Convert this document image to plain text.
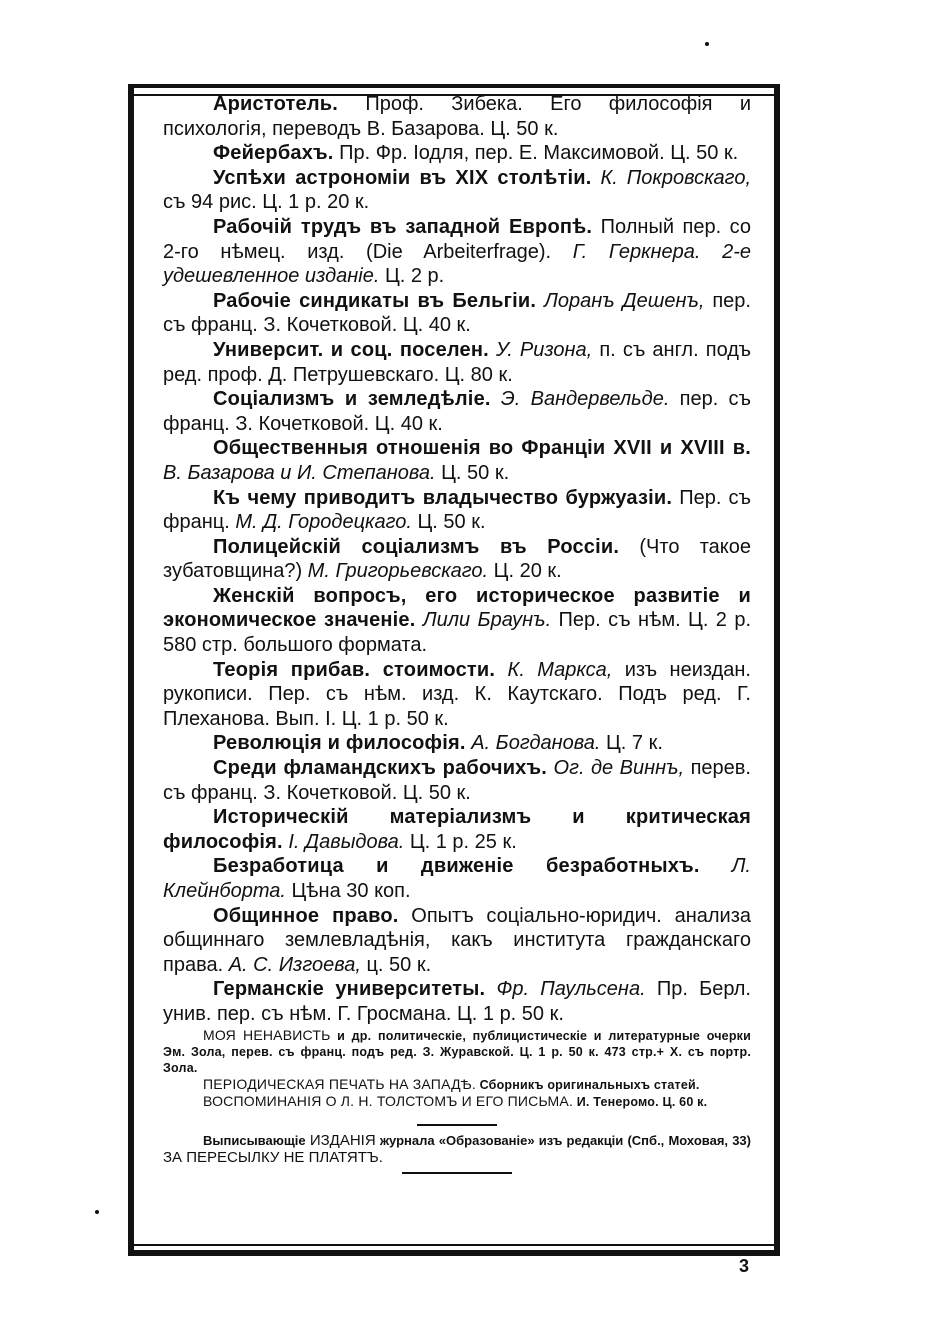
Аристотель. Проф. Зибека. Его философія и психологія, переводъ В. Базарова. Ц. 50 к.
Фейербахъ. Пр. Фр. Іодля, пер. Е. Максимовой. Ц. 50 к.
Успѣхи астрономіи въ XIX столѣтіи. К. Покровскаго, съ 94 рис. Ц. 1 р. 20 к.
Рабочій трудъ въ западной Европѣ. Полный пер. со 2-го нѣмец. изд. (Die Arbeiterfrage). Г. Геркнера. 2-е удешевленное изданіе. Ц. 2 р.
Рабочіе синдикаты въ Бельгіи. Лоранъ Дешенъ, пер. съ франц. З. Кочетковой. Ц. 40 к.
Университ. и соц. поселен. У. Ризона, п. съ англ. подъ ред. проф. Д. Петрушевскаго. Ц. 80 к.
Соціализмъ и земледѣліе. Э. Вандервельде. пер. съ франц. З. Кочетковой. Ц. 40 к.
Общественныя отношенія во Франціи XVII и XVIII в. В. Базарова и И. Степанова. Ц. 50 к.
Къ чему приводитъ владычество буржуазіи. Пер. съ франц. М. Д. Городецкаго. Ц. 50 к.
Полицейскій соціализмъ въ Россіи. (Что такое зубатовщина?) М. Григорьевскаго. Ц. 20 к.
Женскій вопросъ, его историческое развитіе и экономическое значеніе. Лили Браунъ. Пер. съ нѣм. Ц. 2 р. 580 стр. большого формата.
Теорія прибав. стоимости. К. Маркса, изъ неиздан. рукописи. Пер. съ нѣм. изд. К. Каутскаго. Подъ ред. Г. Плеханова. Вып. I. Ц. 1 р. 50 к.
Революція и философія. А. Богданова. Ц. 7 к.
Среди фламандскихъ рабочихъ. Ог. де Виннъ, перев. съ франц. З. Кочетковой. Ц. 50 к.
Историческій матеріализмъ и критическая философія. I. Давыдова. Ц. 1 р. 25 к.
Безработица и движеніе безработныхъ. Л. Клейнборта. Цѣна 30 коп.
Общинное право. Опытъ соціально-юридич. анализа общиннаго землевладѣнія, какъ института гражданскаго права. А. С. Изгоева, ц. 50 к.
Германскіе университеты. Фр. Паульсена. Пр. Берл. унив. пер. съ нѣм. Г. Гросмана. Ц. 1 р. 50 к.
МОЯ НЕНАВИСТЬ и др. политическіе, публицистическіе и литературные очерки Эм. Зола, перев. съ франц. подъ ред. З. Журавской. Ц. 1 р. 50 к. 473 стр.+ Х. съ портр. Зола.
ПЕРІОДИЧЕСКАЯ ПЕЧАТЬ НА ЗАПАДѢ. Сборникъ оригинальныхъ статей.
ВОСПОМИНАНІЯ О Л. Н. ТОЛСТОМЪ И ЕГО ПИСЬМА. И. Тенеромо. Ц. 60 к.
Выписывающіе ИЗДАНІЯ журнала «Образованіе» изъ редакціи (Спб., Моховая, 33) ЗА ПЕРЕСЫЛКУ НЕ ПЛАТЯТЪ.
3
